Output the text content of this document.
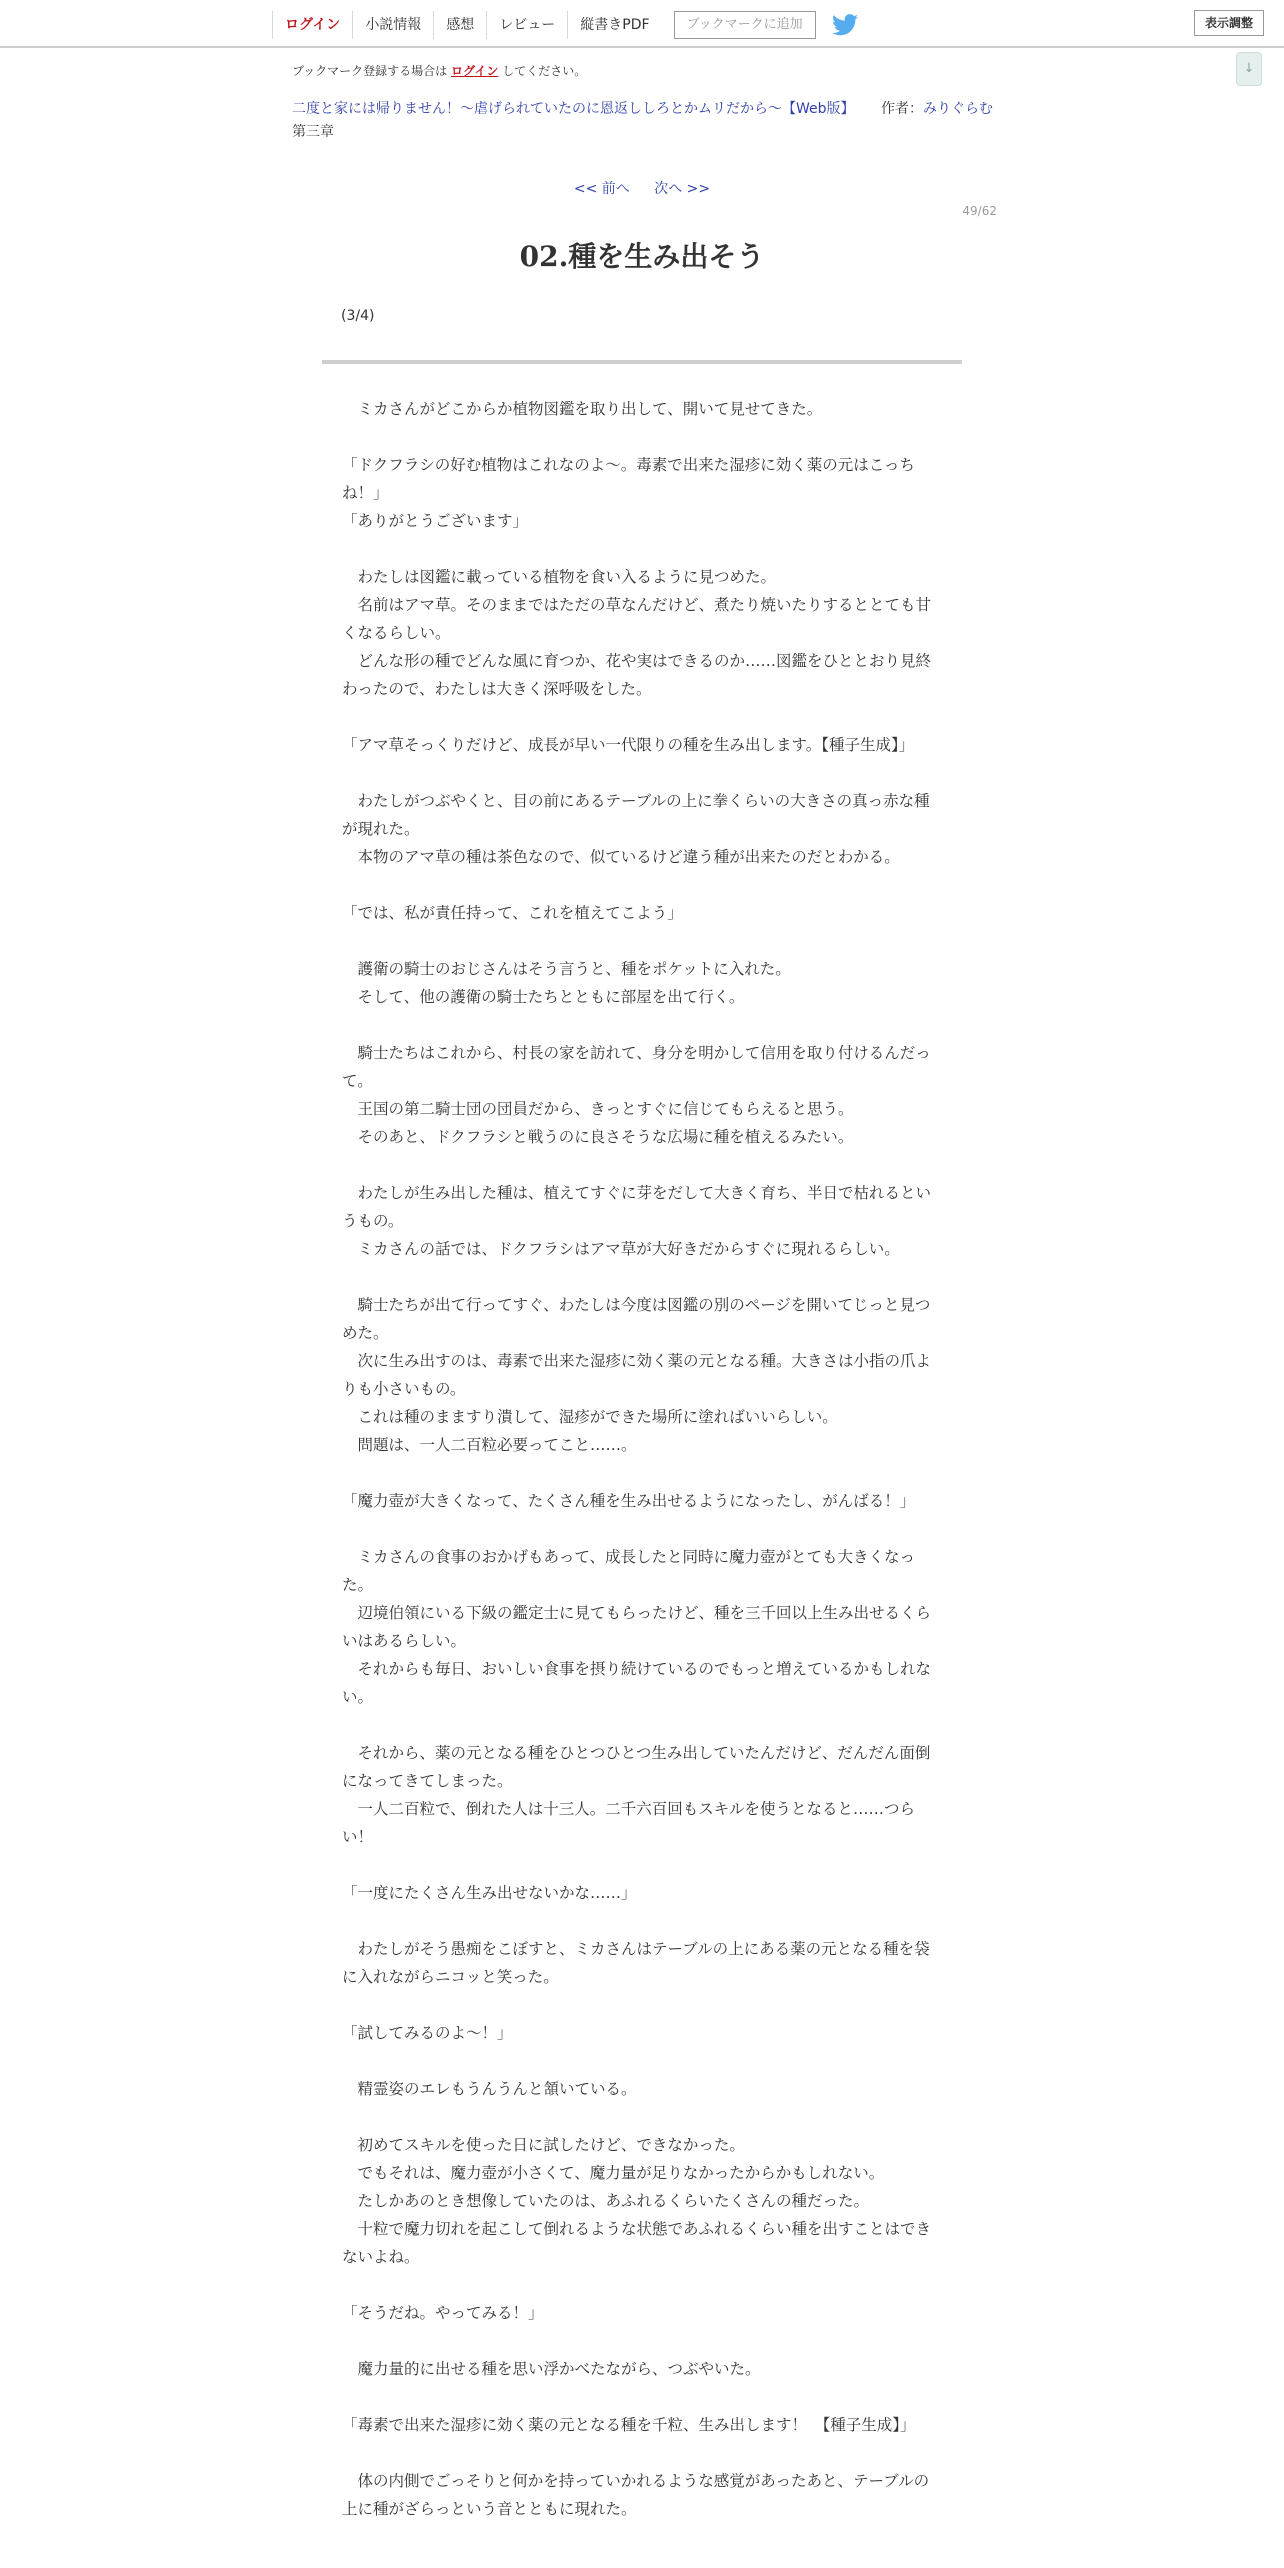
ログイン	小説情報	感想	レビュー	縦書きPDF	ブックマークに追加	表示調整
↓
ブックマーク登録する場合は ログイン してください。
二度と家には帰りません！～虐げられていたのに恩返ししろとかムリだから～【Web版】 作者：みりぐらむ
第三章
<< 前へ 次へ >>
49/62
02.種を生み出そう
(3/4)
　ミカさんがどこからか植物図鑑を取り出して、開いて見せてきた。

「ドクフラシの好む植物はこれなのよ～。毒素で出来た湿疹に効く薬の元はこっちね！」
「ありがとうございます」

　わたしは図鑑に載っている植物を食い入るように見つめた。
　名前はアマ草。そのままではただの草なんだけど、煮たり焼いたりするととても甘くなるらしい。
　どんな形の種でどんな風に育つか、花や実はできるのか……図鑑をひととおり見終わったので、わたしは大きく深呼吸をした。

「アマ草そっくりだけど、成長が早い一代限りの種を生み出します。【種子生成】」

　わたしがつぶやくと、目の前にあるテーブルの上に拳くらいの大きさの真っ赤な種が現れた。
　本物のアマ草の種は茶色なので、似ているけど違う種が出来たのだとわかる。

「では、私が責任持って、これを植えてこよう」

　護衛の騎士のおじさんはそう言うと、種をポケットに入れた。
　そして、他の護衛の騎士たちとともに部屋を出て行く。

　騎士たちはこれから、村長の家を訪れて、身分を明かして信用を取り付けるんだって。
　王国の第二騎士団の団員だから、きっとすぐに信じてもらえると思う。
　そのあと、ドクフラシと戦うのに良さそうな広場に種を植えるみたい。

　わたしが生み出した種は、植えてすぐに芽をだして大きく育ち、半日で枯れるというもの。
　ミカさんの話では、ドクフラシはアマ草が大好きだからすぐに現れるらしい。

　騎士たちが出て行ってすぐ、わたしは今度は図鑑の別のページを開いてじっと見つめた。
　次に生み出すのは、毒素で出来た湿疹に効く薬の元となる種。大きさは小指の爪よりも小さいもの。
　これは種のまますり潰して、湿疹ができた場所に塗ればいいらしい。
　問題は、一人二百粒必要ってこと……。

「魔力壺が大きくなって、たくさん種を生み出せるようになったし、がんばる！」

　ミカさんの食事のおかげもあって、成長したと同時に魔力壺がとても大きくなった。
　辺境伯領にいる下級の鑑定士に見てもらったけど、種を三千回以上生み出せるくらいはあるらしい。
　それからも毎日、おいしい食事を摂り続けているのでもっと増えているかもしれない。

　それから、薬の元となる種をひとつひとつ生み出していたんだけど、だんだん面倒になってきてしまった。
　一人二百粒で、倒れた人は十三人。二千六百回もスキルを使うとなると……つらい！

「一度にたくさん生み出せないかな……」

　わたしがそう愚痴をこぼすと、ミカさんはテーブルの上にある薬の元となる種を袋に入れながらニコッと笑った。

「試してみるのよ～！」

　精霊姿のエレもうんうんと頷いている。

　初めてスキルを使った日に試したけど、できなかった。
　でもそれは、魔力壺が小さくて、魔力量が足りなかったからかもしれない。
　たしかあのとき想像していたのは、あふれるくらいたくさんの種だった。
　十粒で魔力切れを起こして倒れるような状態であふれるくらい種を出すことはできないよね。

「そうだね。やってみる！」

　魔力量的に出せる種を思い浮かべたながら、つぶやいた。

「毒素で出来た湿疹に効く薬の元となる種を千粒、生み出します！　【種子生成】」

　体の内側でごっそりと何かを持っていかれるような感覚があったあと、テーブルの上に種がざらっという音とともに現れた。
